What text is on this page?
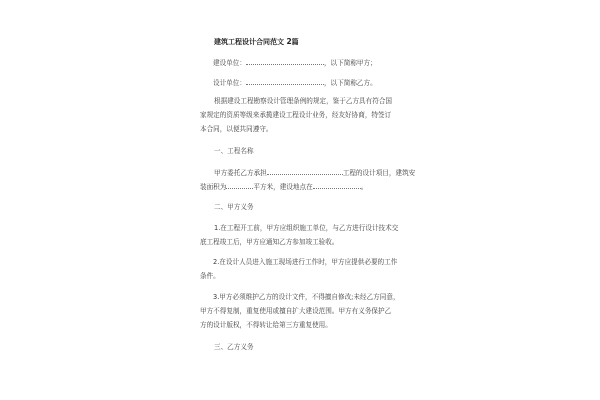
建筑工程设计合同范文 2篇
建设单位：	，以下简称甲方；
设计单位：	，以下简称乙方。
根据建设工程勘察设计管理条例的规定，鉴于乙方具有符合国
家规定的资质等级来承揽建设工程设计业务，经友好协商，特签订
本合同，以便共同遵守。
一、工程名称
甲方委托乙方承担	工程的设计项目，建筑安
装面积为	平方米，建设地点在	。
二、甲方义务
1.在工程开工前，甲方应组织施工单位，与乙方进行设计技术交
底工程竣工后，甲方应通知乙方参加竣工验收。
2.在设计人员进入施工现场进行工作时，甲方应提供必要的工作
条件。
3.甲方必须维护乙方的设计文件，不得擅自修改;未经乙方同意，
甲方不得复制，重复使用或擅自扩大建设范围。甲方有义务保护乙
方的设计版权，不得转让给第三方重复使用。
三、乙方义务
